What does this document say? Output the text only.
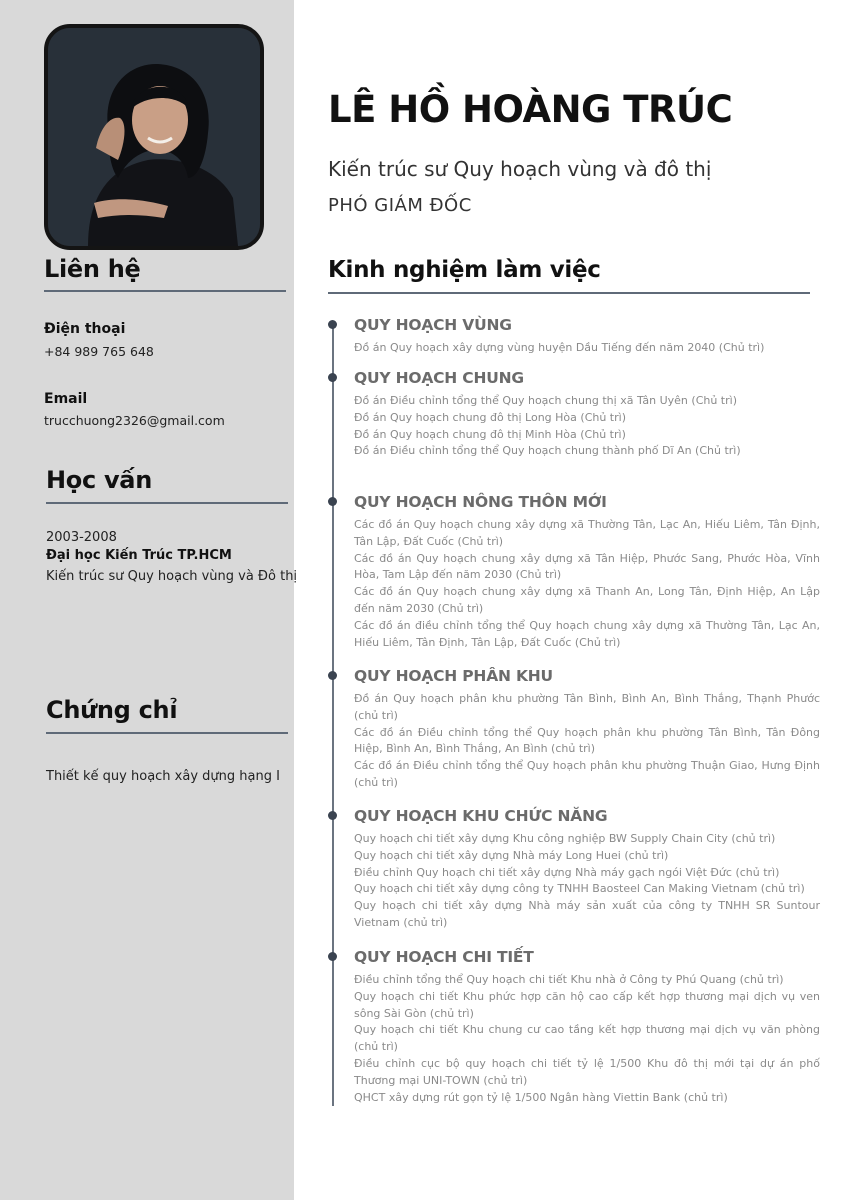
Liên hệ
Điện thoại
+84 989 765 648
Email
trucchuong2326@gmail.com
Học vấn
2003-2008
Đại học Kiến Trúc TP.HCM
Kiến trúc sư Quy hoạch vùng và Đô thị
Chứng chỉ
Thiết kế quy hoạch xây dựng hạng I
LÊ HỒ HOÀNG TRÚC
Kiến trúc sư Quy hoạch vùng và đô thị
PHÓ GIÁM ĐỐC
Kinh nghiệm làm việc
QUY HOẠCH VÙNG
Đồ án Quy hoạch xây dựng vùng huyện Dầu Tiếng đến năm 2040 (Chủ trì)
QUY HOẠCH CHUNG
Đồ án Điều chỉnh tổng thể Quy hoạch chung thị xã Tân Uyên (Chủ trì)
Đồ án Quy hoạch chung đô thị Long Hòa (Chủ trì)
Đồ án Quy hoạch chung đô thị Minh Hòa (Chủ trì)
Đồ án Điều chỉnh tổng thể Quy hoạch chung thành phố Dĩ An (Chủ trì)
QUY HOẠCH NÔNG THÔN MỚI
Các đồ án Quy hoạch chung xây dựng xã Thường Tân, Lạc An, Hiếu Liêm, Tân Định, Tân Lập, Đất Cuốc (Chủ trì)
Các đồ án Quy hoạch chung xây dựng xã Tân Hiệp, Phước Sang, Phước Hòa, Vĩnh Hòa, Tam Lập đến năm 2030 (Chủ trì)
Các đồ án Quy hoạch chung xây dựng xã Thanh An, Long Tân, Định Hiệp, An Lập đến năm 2030 (Chủ trì)
Các đồ án điều chỉnh tổng thể Quy hoạch chung xây dựng xã Thường Tân, Lạc An, Hiếu Liêm, Tân Định, Tân Lập, Đất Cuốc (Chủ trì)
QUY HOẠCH PHÂN KHU
Đồ án Quy hoạch phân khu phường Tân Bình, Bình An, Bình Thắng, Thạnh Phước (chủ trì)
Các đồ án Điều chỉnh tổng thể Quy hoạch phân khu phường Tân Bình, Tân Đông Hiệp, Bình An, Bình Thắng, An Bình (chủ trì)
Các đồ án Điều chỉnh tổng thể Quy hoạch phân khu phường Thuận Giao, Hưng Định (chủ trì)
QUY HOẠCH KHU CHỨC NĂNG
Quy hoạch chi tiết xây dựng Khu công nghiệp BW Supply Chain City (chủ trì)
Quy hoạch chi tiết xây dựng Nhà máy Long Huei (chủ trì)
Điều chỉnh Quy hoạch chi tiết xây dựng Nhà máy gạch ngói Việt Đức (chủ trì)
Quy hoạch chi tiết xây dựng công ty TNHH Baosteel Can Making Vietnam (chủ trì)
Quy hoạch chi tiết xây dựng Nhà máy sản xuất của công ty TNHH SR Suntour Vietnam (chủ trì)
QUY HOẠCH CHI TIẾT
Điều chỉnh tổng thể Quy hoạch chi tiết Khu nhà ở Công ty Phú Quang (chủ trì)
Quy hoạch chi tiết Khu phức hợp căn hộ cao cấp kết hợp thương mại dịch vụ ven sông Sài Gòn (chủ trì)
Quy hoạch chi tiết Khu chung cư cao tầng kết hợp thương mại dịch vụ văn phòng (chủ trì)
Điều chỉnh cục bộ quy hoạch chi tiết tỷ lệ 1/500 Khu đô thị mới tại dự án phố Thương mại UNI-TOWN (chủ trì)
QHCT xây dựng rút gọn tỷ lệ 1/500 Ngân hàng Viettin Bank (chủ trì)
